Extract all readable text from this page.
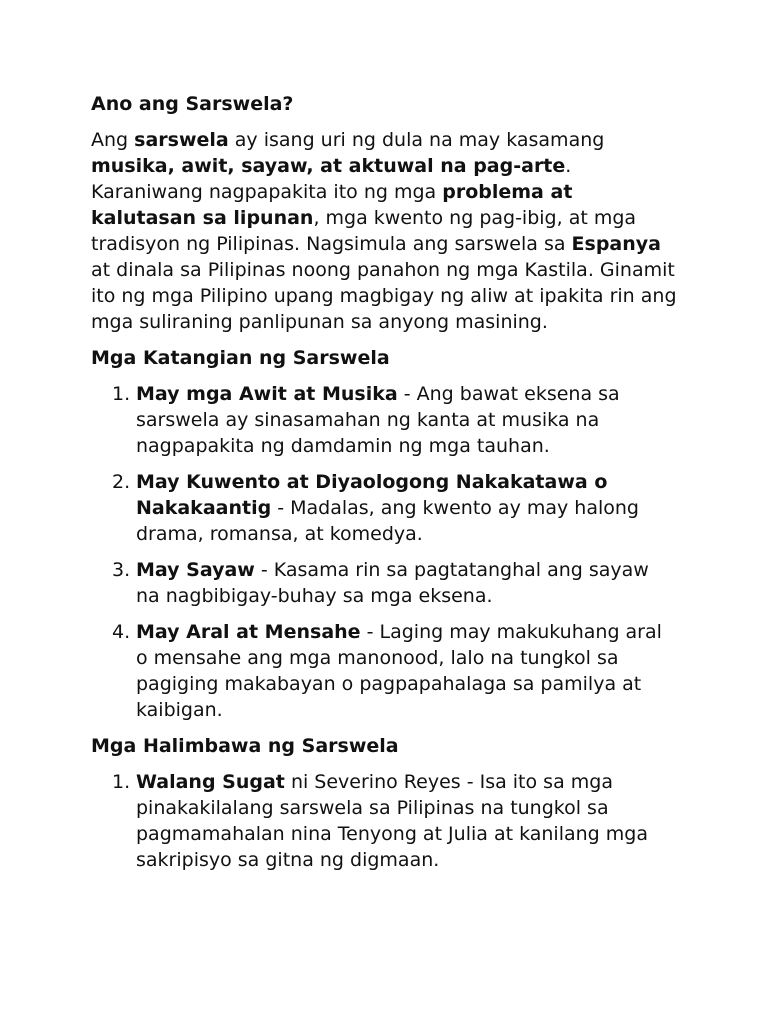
Ano ang Sarswela?

Ang sarswela ay isang uri ng dula na may kasamang musika, awit, sayaw, at aktuwal na pag-arte. Karaniwang nagpapakita ito ng mga problema at kalutasan sa lipunan, mga kwento ng pag-ibig, at mga tradisyon ng Pilipinas. Nagsimula ang sarswela sa Espanya at dinala sa Pilipinas noong panahon ng mga Kastila. Ginamit ito ng mga Pilipino upang magbigay ng aliw at ipakita rin ang mga suliraning panlipunan sa anyong masining.

Mga Katangian ng Sarswela
1. May mga Awit at Musika - Ang bawat eksena sa sarswela ay sinasamahan ng kanta at musika na nagpapakita ng damdamin ng mga tauhan.
2. May Kuwento at Diyaologong Nakakatawa o Nakakaantig - Madalas, ang kwento ay may halong drama, romansa, at komedya.
3. May Sayaw - Kasama rin sa pagtatanghal ang sayaw na nagbibigay-buhay sa mga eksena.
4. May Aral at Mensahe - Laging may makukuhang aral o mensahe ang mga manonood, lalo na tungkol sa pagiging makabayan o pagpapahalaga sa pamilya at kaibigan.
Mga Halimbawa ng Sarswela
1. Walang Sugat ni Severino Reyes - Isa ito sa mga pinakakilalang sarswela sa Pilipinas na tungkol sa pagmamahalan nina Tenyong at Julia at kanilang mga sakripisyo sa gitna ng digmaan.
